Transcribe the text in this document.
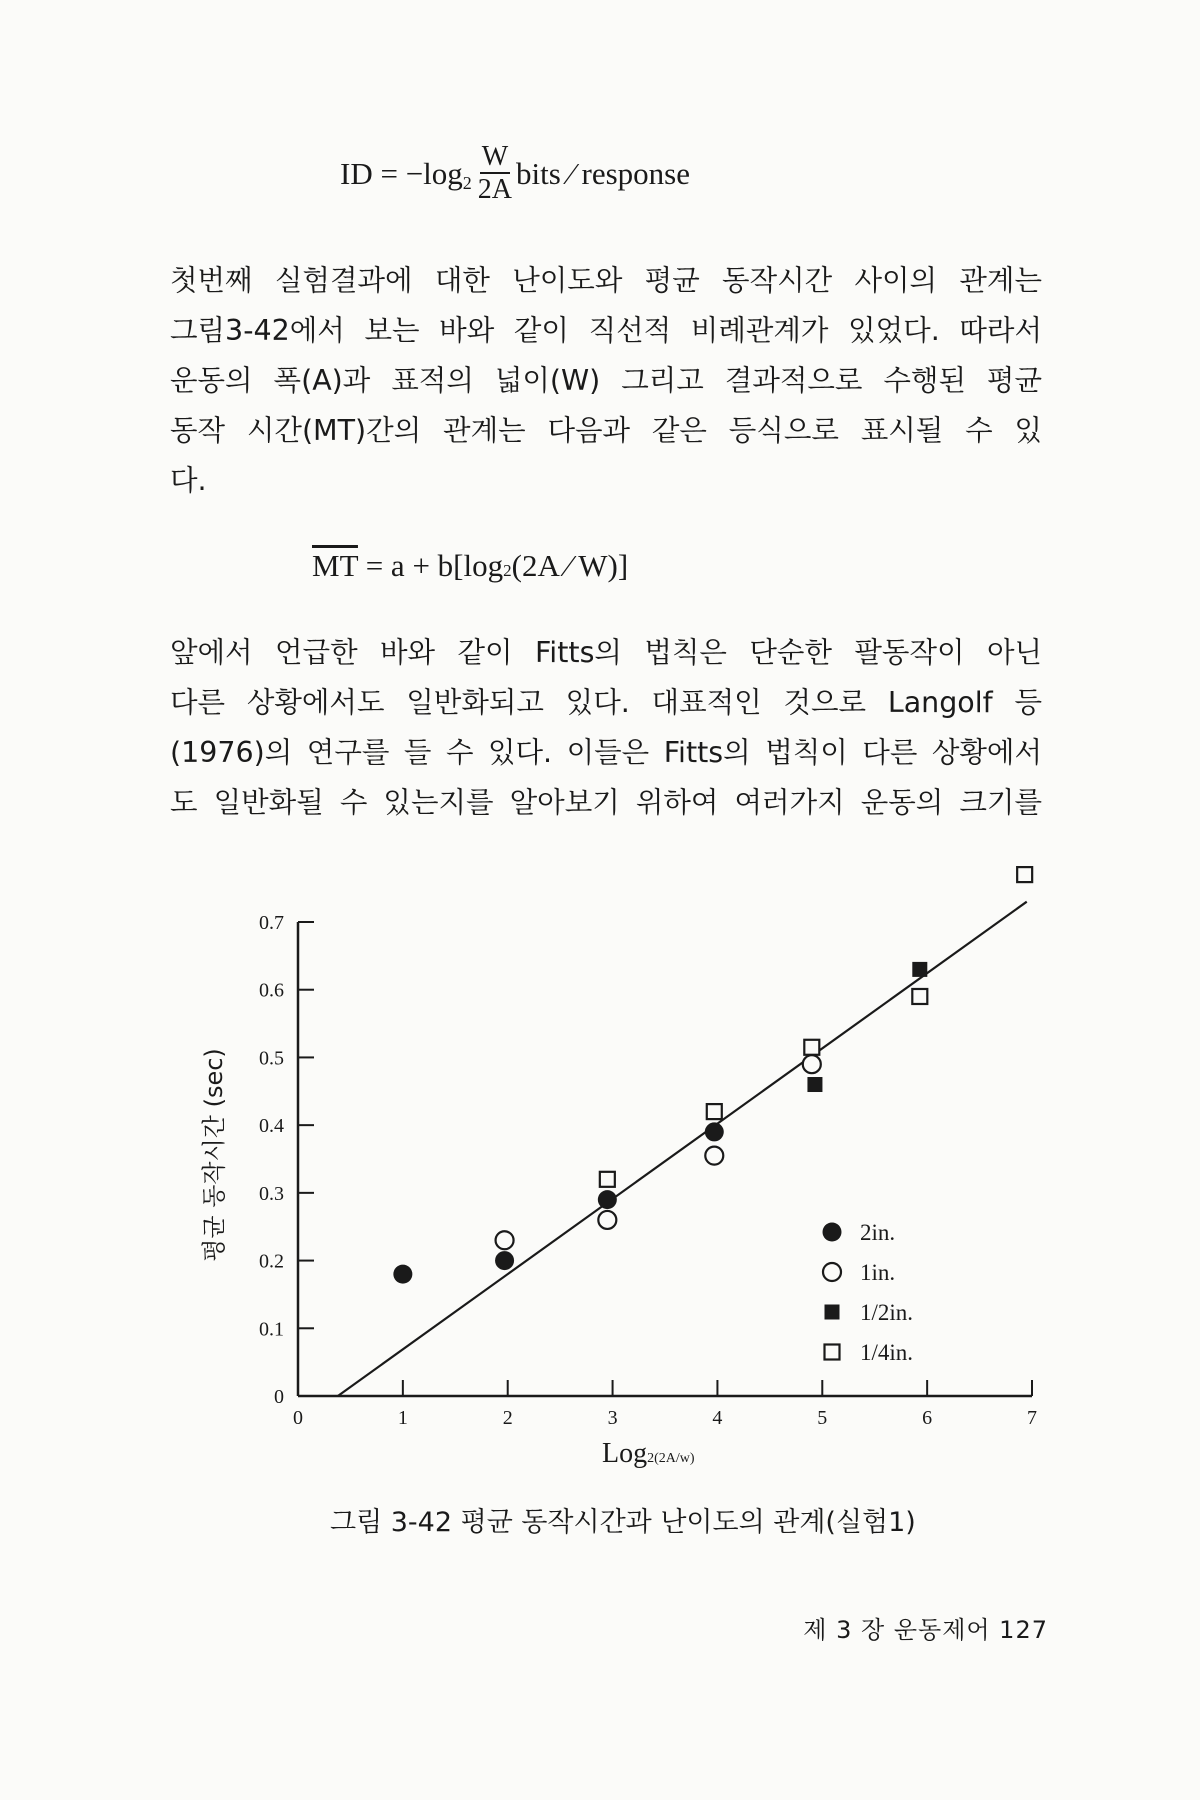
ID = −log $2 \frac{W}{2A}$ bits ⁄ response
첫번째 실험결과에 대한 난이도와 평균 동작시간 사이의 관계는
그림3-42에서 보는 바와 같이 직선적 비례관계가 있었다. 따라서
운동의 폭(A)과 표적의 넓이(W) 그리고 결과적으로 수행된 평균
동작 시간(MT)간의 관계는 다음과 같은 등식으로 표시될 수 있
다.
$\overline{MT} = a + b[\log 2(2A$ ⁄ W)]
앞에서 언급한 바와 같이 Fitts의 법칙은 단순한 팔동작이 아닌
다른 상황에서도 일반화되고 있다. 대표적인 것으로 Langolf 등
(1976)의 연구를 들 수 있다. 이들은 Fitts의 법칙이 다른 상황에서
도 일반화될 수 있는지를 알아보기 위하여 여러가지 운동의 크기를
0
0.1
0.2
0.3
0.4
0.5
0.6
0.7
0	1	2	3	4	5	6	7
2in.
1in.
1/2in.
1/4in.
평균 동작시간 (sec)
Log2(2A/w)
그림 3-42 평균 동작시간과 난이도의 관계(실험1)
제 3 장 운동제어 127
